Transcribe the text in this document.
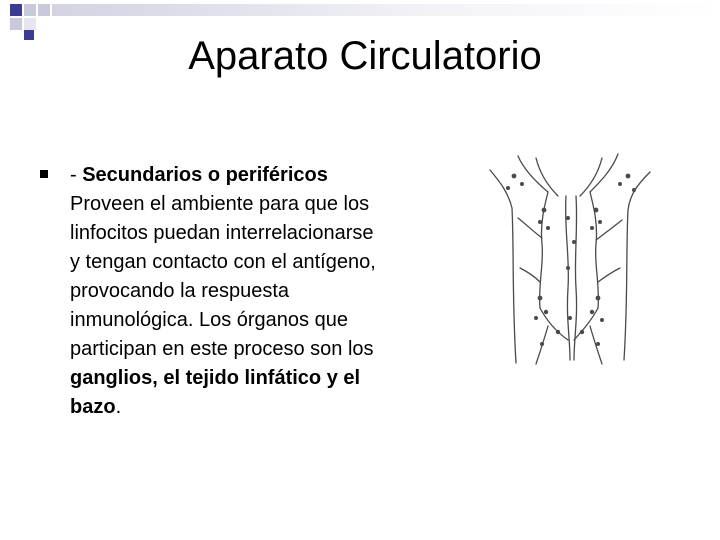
Aparato Circulatorio
- Secundarios o periféricos
Proveen el ambiente para que los
linfocitos puedan interrelacionarse
y tengan contacto con el antígeno,
provocando la respuesta
inmunológica. Los órganos que
participan en este proceso son los
ganglios, el tejido linfático y el
bazo.
